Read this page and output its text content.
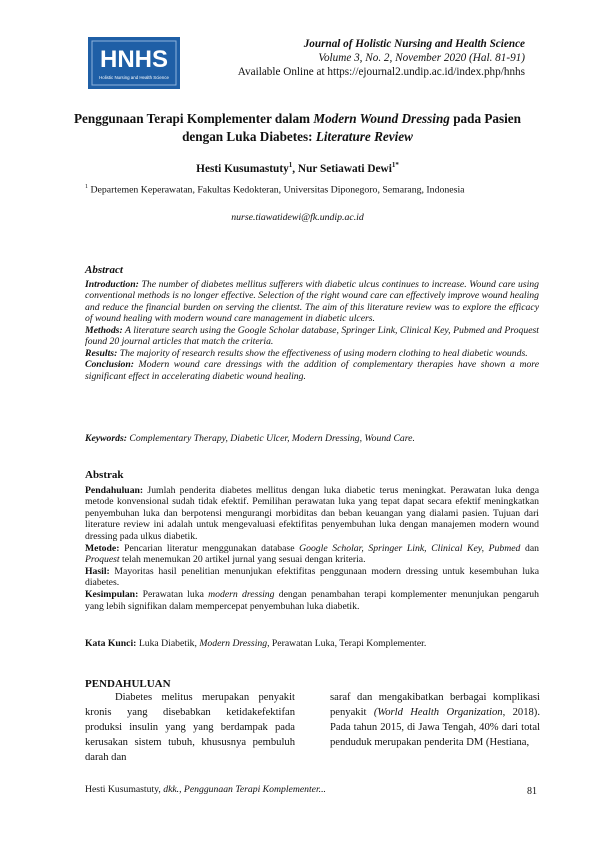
HNHS
Holistic Nursing and Health Science
Journal of Holistic Nursing and Health Science
Volume 3, No. 2, November 2020 (Hal. 81-91)
Available Online at https://ejournal2.undip.ac.id/index.php/hnhs
Penggunaan Terapi Komplementer dalam Modern Wound Dressing pada Pasien dengan Luka Diabetes: Literature Review
Hesti Kusumastuty$^1$, Nur Setiawati Dewi$^{1*}$
$^1$ Departemen Keperawatan, Fakultas Kedokteran, Universitas Diponegoro, Semarang, Indonesia
nurse.tiawatidewi@fk.undip.ac.id
Abstract

Introduction: The number of diabetes mellitus sufferers with diabetic ulcus continues to increase. Wound care using conventional methods is no longer effective. Selection of the right wound care can effectively improve wound healing and reduce the financial burden on serving the clientst. The aim of this literature review was to explore the efficacy of wound healing with modern wound care management in diabetic ulcers.

Methods: A literature search using the Google Scholar database, Springer Link, Clinical Key, Pubmed and Proquest found 20 journal articles that match the criteria.

Results: The majority of research results show the effectiveness of using modern clothing to heal diabetic wounds.

Conclusion: Modern wound care dressings with the addition of complementary therapies have shown a more significant effect in accelerating diabetic wound healing.

Keywords: Complementary Therapy, Diabetic Ulcer, Modern Dressing, Wound Care.
Abstrak

Pendahuluan: Jumlah penderita diabetes mellitus dengan luka diabetic terus meningkat. Perawatan luka denga metode konvensional sudah tidak efektif. Pemilihan perawatan luka yang tepat dapat secara efektif meningkatkan penyembuhan luka dan berpotensi mengurangi morbiditas dan beban keuangan yang dialami pasien. Tujuan dari literature review ini adalah untuk mengevaluasi efektifitas penyembuhan luka dengan manajemen modern wound dressing pada ulkus diabetik.

Metode: Pencarian literatur menggunakan database Google Scholar, Springer Link, Clinical Key, Pubmed dan Proquest telah menemukan 20 artikel jurnal yang sesuai dengan kriteria.

Hasil: Mayoritas hasil penelitian menunjukan efektifitas penggunaan modern dressing untuk kesembuhan luka diabetes.

Kesimpulan: Perawatan luka modern dressing dengan penambahan terapi komplementer menunjukan pengaruh yang lebih signifikan dalam mempercepat penyembuhan luka diabetik.

Kata Kunci: Luka Diabetik, Modern Dressing, Perawatan Luka, Terapi Komplementer.
PENDAHULUAN

Diabetes melitus merupakan penyakit kronis yang disebabkan ketidakefektifan produksi insulin yang yang berdampak pada kerusakan sistem tubuh, khususnya pembuluh darah dan

saraf dan mengakibatkan berbagai komplikasi penyakit (World Health Organization, 2018). Pada tahun 2015, di Jawa Tengah, 40% dari total penduduk merupakan penderita DM (Hestiana,

Hesti Kusumastuty, dkk., Penggunaan Terapi Komplementer...	81
